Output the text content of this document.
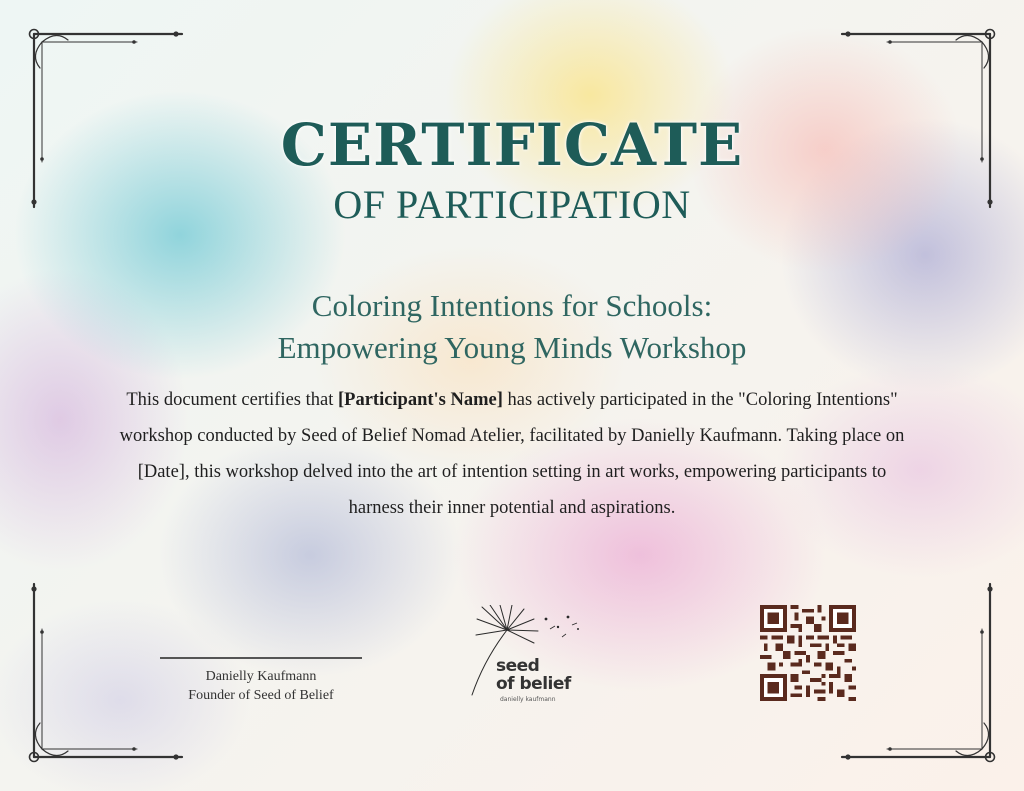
CERTIFICATE
OF PARTICIPATION
Coloring Intentions for Schools:
Empowering Young Minds Workshop
This document certifies that [Participant's Name] has actively participated in the "Coloring Intentions" workshop conducted by Seed of Belief Nomad Atelier, facilitated by Danielly Kaufmann. Taking place on [Date], this workshop delved into the art of intention setting in art works, empowering participants to harness their inner potential and aspirations.
Danielly Kaufmann
Founder of Seed of Belief
seed
of belief
danielly kaufmann
